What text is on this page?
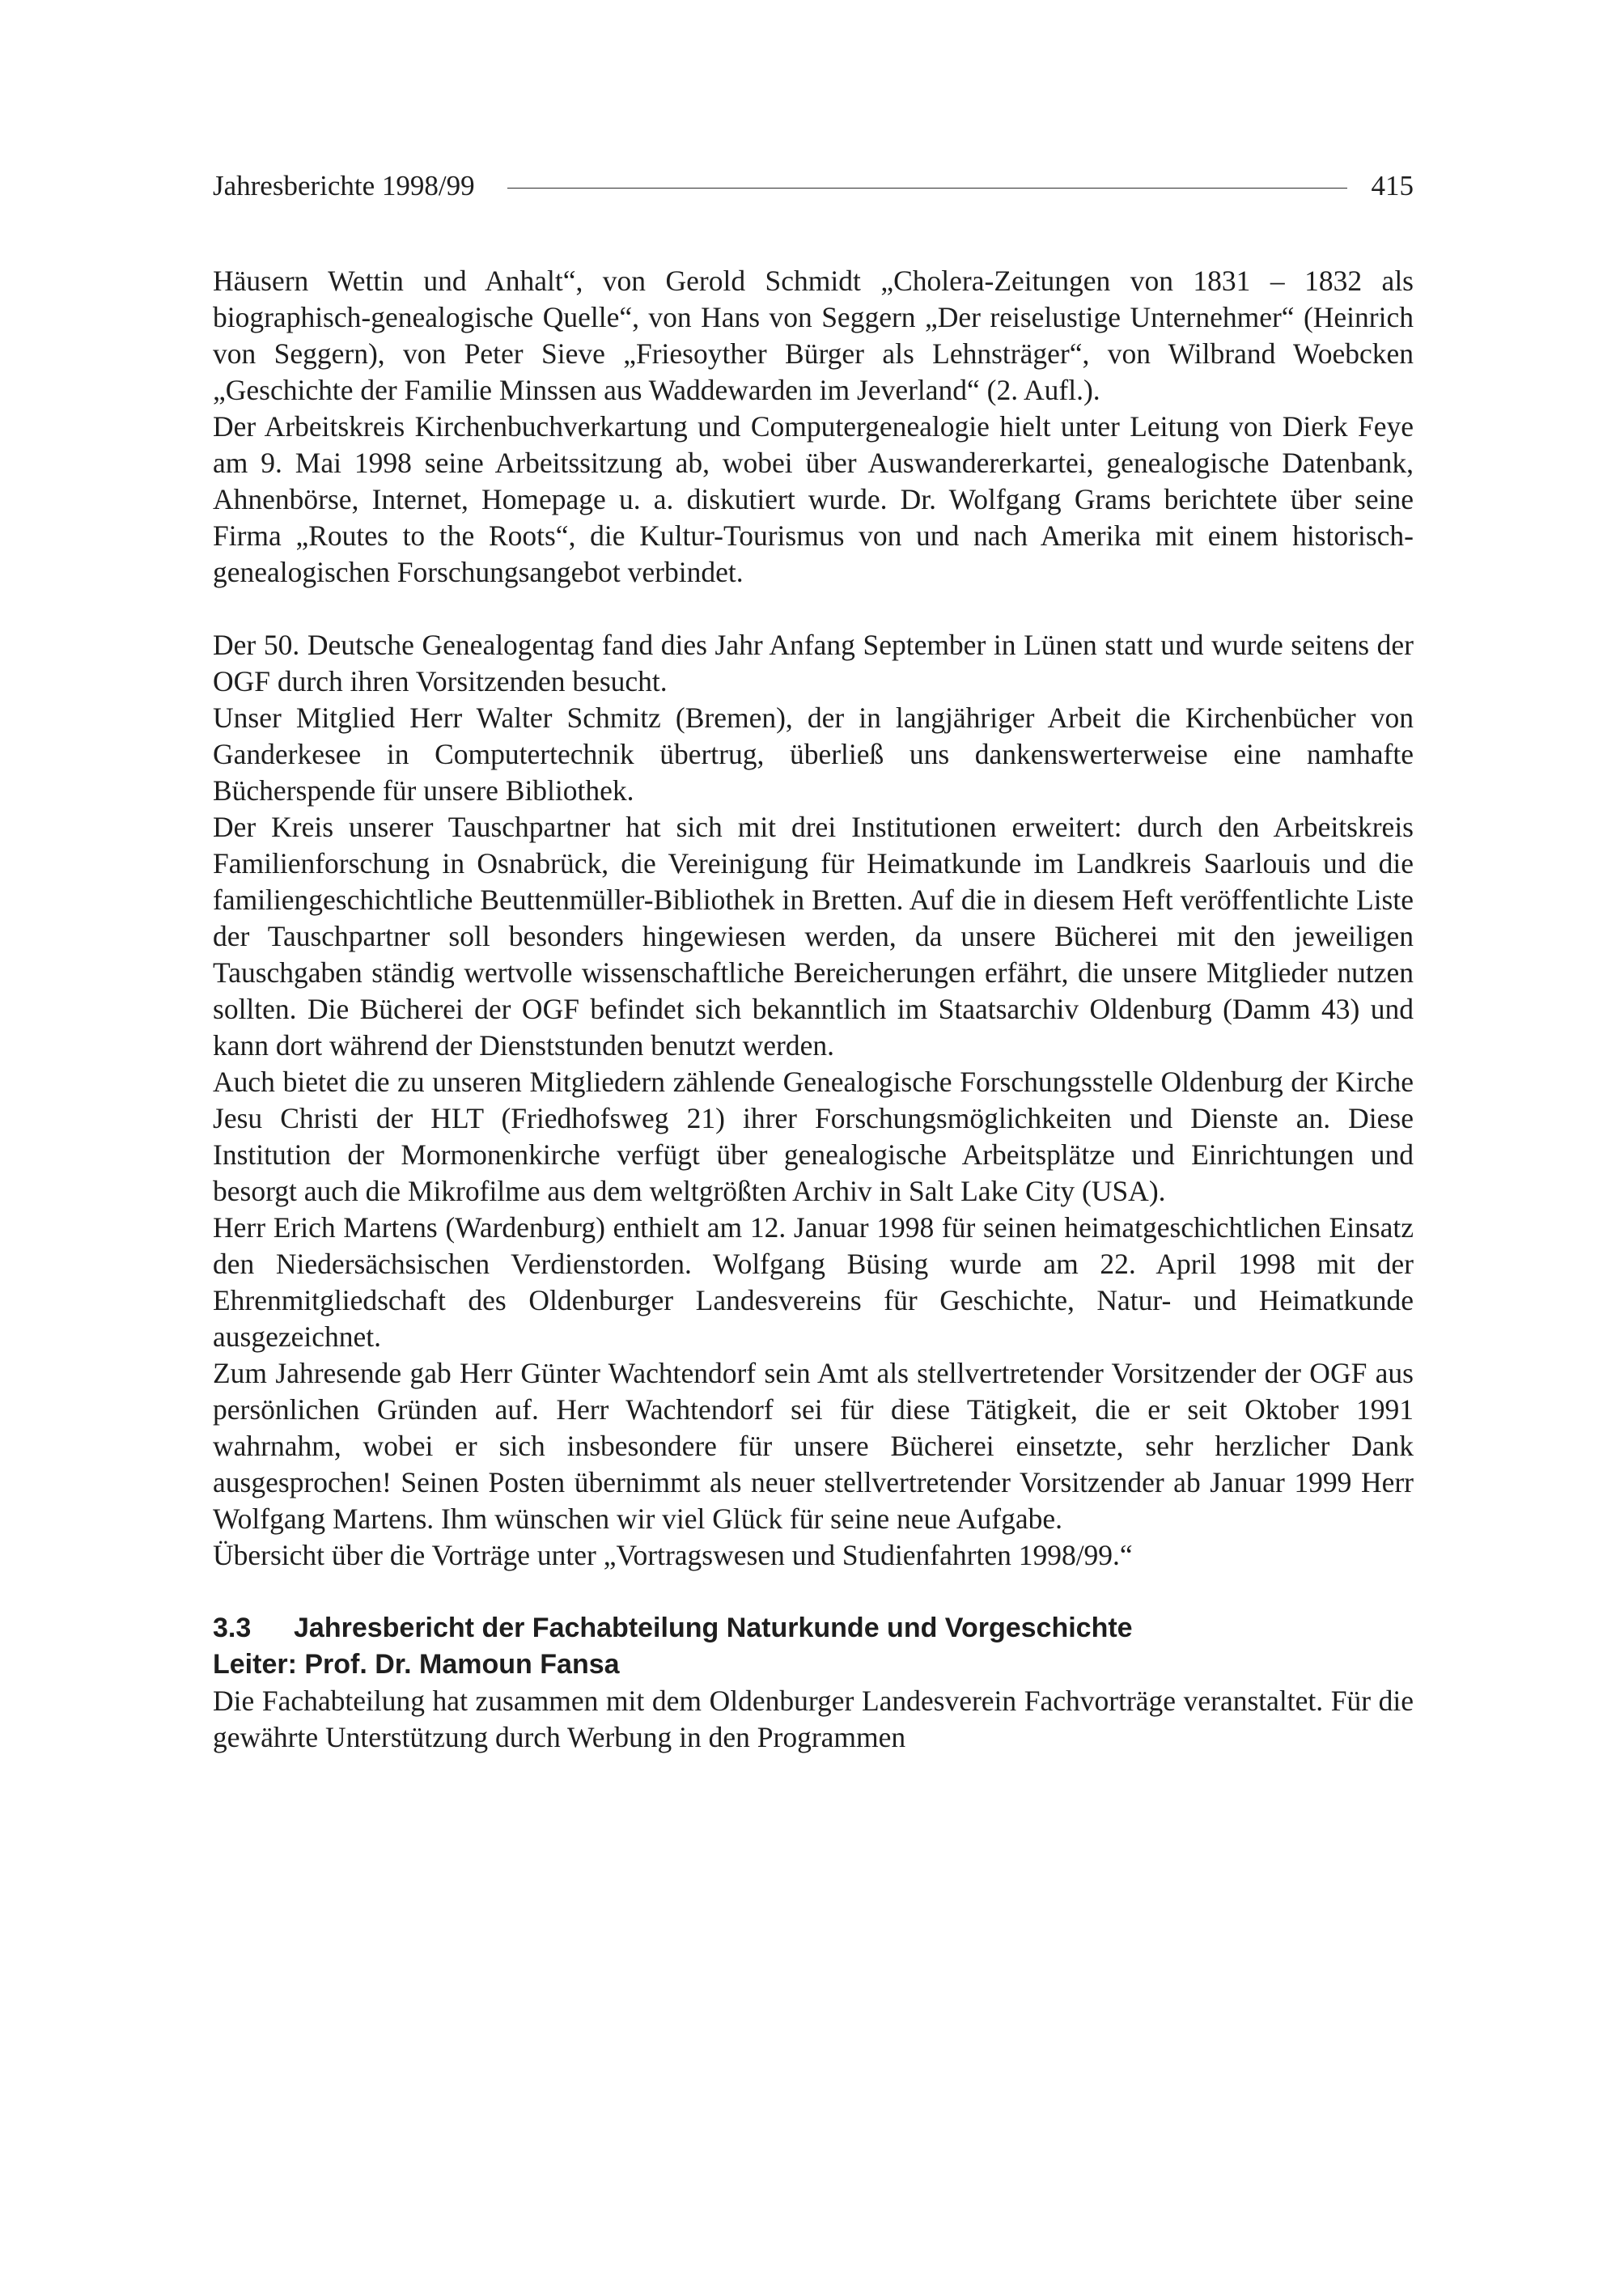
Jahresberichte 1998/99	415

Häusern Wettin und Anhalt“, von Gerold Schmidt „Cholera-Zeitungen von 1831 – 1832 als biographisch-genealogische Quelle“, von Hans von Seggern „Der reiselustige Unternehmer“ (Heinrich von Seggern), von Peter Sieve „Friesoyther Bürger als Lehnsträger“, von Wilbrand Woebcken „Geschichte der Familie Minssen aus Waddewarden im Jeverland“ (2. Aufl.).

Der Arbeitskreis Kirchenbuchverkartung und Computergenealogie hielt unter Leitung von Dierk Feye am 9. Mai 1998 seine Arbeitssitzung ab, wobei über Auswandererkartei, genealogische Datenbank, Ahnenbörse, Internet, Homepage u. a. diskutiert wurde. Dr. Wolfgang Grams berichtete über seine Firma „Routes to the Roots“, die Kultur-Tourismus von und nach Amerika mit einem historisch-genealogischen Forschungsangebot verbindet.

Der 50. Deutsche Genealogentag fand dies Jahr Anfang September in Lünen statt und wurde seitens der OGF durch ihren Vorsitzenden besucht.

Unser Mitglied Herr Walter Schmitz (Bremen), der in langjähriger Arbeit die Kirchenbücher von Ganderkesee in Computertechnik übertrug, überließ uns dankenswerterweise eine namhafte Bücherspende für unsere Bibliothek.

Der Kreis unserer Tauschpartner hat sich mit drei Institutionen erweitert: durch den Arbeitskreis Familienforschung in Osnabrück, die Vereinigung für Heimatkunde im Landkreis Saarlouis und die familiengeschichtliche Beuttenmüller-Bibliothek in Bretten. Auf die in diesem Heft veröffentlichte Liste der Tauschpartner soll besonders hingewiesen werden, da unsere Bücherei mit den jeweiligen Tauschgaben ständig wertvolle wissenschaftliche Bereicherungen erfährt, die unsere Mitglieder nutzen sollten. Die Bücherei der OGF befindet sich bekanntlich im Staatsarchiv Oldenburg (Damm 43) und kann dort während der Dienststunden benutzt werden.

Auch bietet die zu unseren Mitgliedern zählende Genealogische Forschungsstelle Oldenburg der Kirche Jesu Christi der HLT (Friedhofsweg 21) ihrer Forschungsmöglichkeiten und Dienste an. Diese Institution der Mormonenkirche verfügt über genealogische Arbeitsplätze und Einrichtungen und besorgt auch die Mikrofilme aus dem weltgrößten Archiv in Salt Lake City (USA).

Herr Erich Martens (Wardenburg) enthielt am 12. Januar 1998 für seinen heimatgeschichtlichen Einsatz den Niedersächsischen Verdienstorden. Wolfgang Büsing wurde am 22. April 1998 mit der Ehrenmitgliedschaft des Oldenburger Landesvereins für Geschichte, Natur- und Heimatkunde ausgezeichnet.

Zum Jahresende gab Herr Günter Wachtendorf sein Amt als stellvertretender Vorsitzender der OGF aus persönlichen Gründen auf. Herr Wachtendorf sei für diese Tätigkeit, die er seit Oktober 1991 wahrnahm, wobei er sich insbesondere für unsere Bücherei einsetzte, sehr herzlicher Dank ausgesprochen! Seinen Posten übernimmt als neuer stellvertretender Vorsitzender ab Januar 1999 Herr Wolfgang Martens. Ihm wünschen wir viel Glück für seine neue Aufgabe.

Übersicht über die Vorträge unter „Vortragswesen und Studienfahrten 1998/99.“

3.3 Jahresbericht der Fachabteilung Naturkunde und Vorgeschichte
Leiter: Prof. Dr. Mamoun Fansa

Die Fachabteilung hat zusammen mit dem Oldenburger Landesverein Fachvorträge veranstaltet. Für die gewährte Unterstützung durch Werbung in den Programmen
